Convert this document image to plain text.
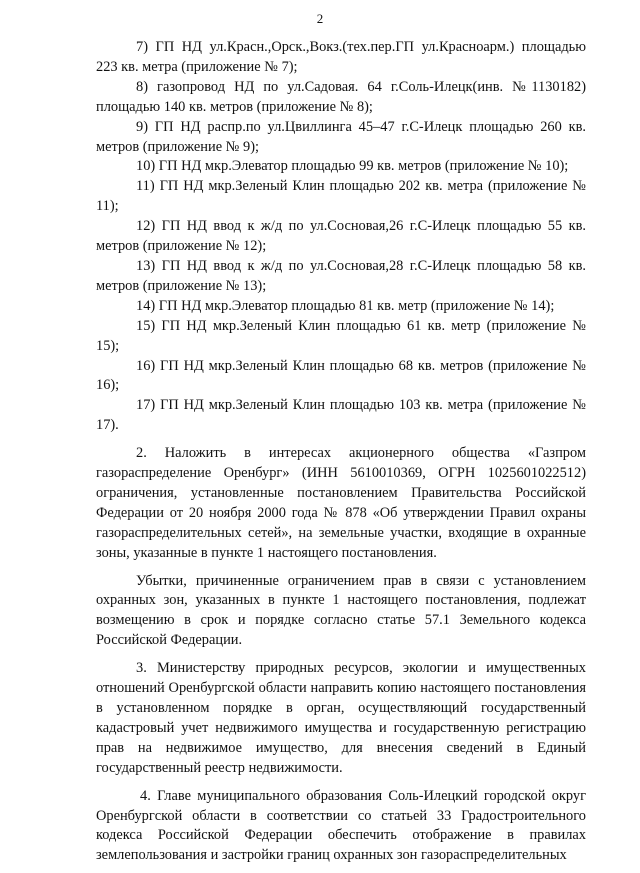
2

7) ГП НД ул.Красн.,Орск.,Вокз.(тех.пер.ГП ул.Красноарм.) площадью 223 кв. метра (приложение № 7);

8) газопровод НД по ул.Садовая. 64 г.Соль-Илецк(инв. №1130182) площадью 140 кв. метров (приложение № 8);

9) ГП НД распр.по ул.Цвиллинга 45–47 г.С-Илецк площадью 260 кв. метров (приложение № 9);

10) ГП НД мкр.Элеватор площадью 99 кв. метров (приложение № 10);

11) ГП НД мкр.Зеленый Клин площадью 202 кв. метра (приложение № 11);

12) ГП НД ввод к ж/д по ул.Сосновая,26 г.С-Илецк площадью 55 кв. метров (приложение № 12);

13) ГП НД ввод к ж/д по ул.Сосновая,28 г.С-Илецк площадью 58 кв. метров (приложение № 13);

14) ГП НД мкр.Элеватор площадью 81 кв. метр (приложение № 14);

15) ГП НД мкр.Зеленый Клин площадью 61 кв. метр (приложение № 15);

16) ГП НД мкр.Зеленый Клин площадью 68 кв. метров (приложение № 16);

17) ГП НД мкр.Зеленый Клин площадью 103 кв. метра (приложение № 17).

2. Наложить в интересах акционерного общества «Газпром газораспределение Оренбург» (ИНН 5610010369, ОГРН 1025601022512) ограничения, установленные постановлением Правительства Российской Федерации от 20 ноября 2000 года № 878 «Об утверждении Правил охраны газораспределительных сетей», на земельные участки, входящие в охранные зоны, указанные в пункте 1 настоящего постановления.

Убытки, причиненные ограничением прав в связи с установлением охранных зон, указанных в пункте 1 настоящего постановления, подлежат возмещению в срок и порядке согласно статье 57.1 Земельного кодекса Российской Федерации.

3. Министерству природных ресурсов, экологии и имущественных отношений Оренбургской области направить копию настоящего постановления в установленном порядке в орган, осуществляющий государственный кадастровый учет недвижимого имущества и государственную регистрацию прав на недвижимое имущество, для внесения сведений в Единый государственный реестр недвижимости.

4. Главе муниципального образования Соль-Илецкий городской округ Оренбургской области в соответствии со статьей 33 Градостроительного кодекса Российской Федерации обеспечить отображение в правилах землепользования и застройки границ охранных зон газораспределительных
